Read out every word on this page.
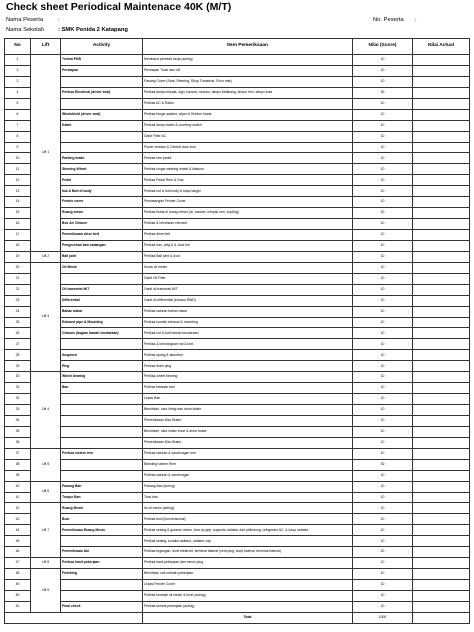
Check sheet Periodical Maintenace 40K (M/T)
Nama Peserta	:
Nama Sekolah : SMK Penida 2 Katapang
No. Peserta :
No	Lift	Activity	Item Pemeriksaan	Nilai (Score)	Nilai Actual
1	Lift 1	Terima PKB	Membaca perintah kerja (acting)	10	
2		Persiapan	Persiapan Tools dan Lift	10	
3			Pasang Cover (Seat, Steering, Shop Transmisi, Floor mat)	10	
4		Periksa Electrical (driver seat)	Periksa lampu kepala, sign, hazard, mundur, lampu belakang, lampu rem, lampu kota	30	
5			Periksa AC & Radio	10	
6		Windshield (driver seat)	Periksa fungsi washer, wiper & Rubber blade	10	
7		Kabin	Periksa lampu kabin & courtesy switch	10	
8			Ganti Filter AC	10	
9			Power window & Central door lock	10	
10		Parking brake	Periksa rem parkir	10	
11		Steering Wheel	Periksa fungsi steering wheel & klakson	10	
12		Pedal	Periksa Pedal Rem & Gas	10	
13		Nut & Bolt di body	Periksa nut & bolt body & tutup tangki	10	
14		Fender cover	Pemasangan Fender Cover	10	
15		Ruang mesin	Periksa fluida di ruang mesin (oli, washer, minyak rem, kopling)	20	
16		Box Air Cleaner	Periksa & bersihkan element	10	
17		Pemeriksaan drive belt	Periksa drive belt	10	
18		Pengecekan ban cadangan	Periksa ban, velg & & Jack tire	10	
19	Lift 2	Ball joint	Periksa Ball joint & boot	10	
20	Lift 3	Oli Mesin	Kuras oli mesin	10	
21			Ganti Oil Filter	10	
22		Oli transmisi M/T	Ganti oli transmisi M/T	10	
23		Differential	Ganti oli differential (khusus RWD)	10	
24		Bahan bakar	Periksa saluran bahan bakar	10	
25		Exhaust pipe & Mounting	Periksa kondisi exhaust & mounting	10	
26		Chassis (bagian bawah kendaraan)	Periksa nut & bolt bawah kendaraan	10	
27			Periksa & kencangkan nut & bolt	10	
28		Suspensi	Periksa spring & absorber	10	
29		Plug	Periksa drain plug	10	
30	Lift 4	Wheel bearing	Periksa wheel bearing	10	
31		Ban	Periksa tekanan ban	10	
32			Lepas Ban	10	
33			Bersihkan, ukur lining dan drum brake	10	
34			Pemeriksaan Disc Brake	10	
35			Bersihkan, ukur brake shoe & drum brake	10	
36			Pemeriksaan Disc Brake	10	
37	Lift 5	Periksa sistem rem	Periksa saluran & sambungan rem	10	
38			Bleeding sistem Rem	30	
39			Periksa saluran & sambungan	10	
40	Lift 6	Pasang Ban	Pasang Ban (acting)	10	
41		Torque Ban	Torsi ban	10	
42	Lift 7	Ruang Mesin	Isi oli mesin (acting)	10	
43		Busi	Periksa busi (konvensional)	10	
44		Pemeriksaan Ruang Mesin	Periksa selang & gotaran mesin, bow sp gep, supports radiator dan pelindung, refrigerant AC, & tutup radiator	10	
45			Periksa selang, kondisi radiator, radiator cap	10	
46		Pemeriksaan Aki	Periksa tegangan, level elektrolit, terminal baterai (vent plug, body baterai, terminal baterai)	20	
47	Lift 8	Periksa hasil pekerjaan	Periksa hasil pekerjaan dan mesin plug	10	
48	Lift 9	Finishing	Bersihkan unit setelah pekerjaan	10	
49			Lepas Fender Cover	10	
50			Periksa kembali oli mesin & level (acting)	10	
51		Final check	Periksa semua pekerjaan (acting)	10	
			Total	1000	
